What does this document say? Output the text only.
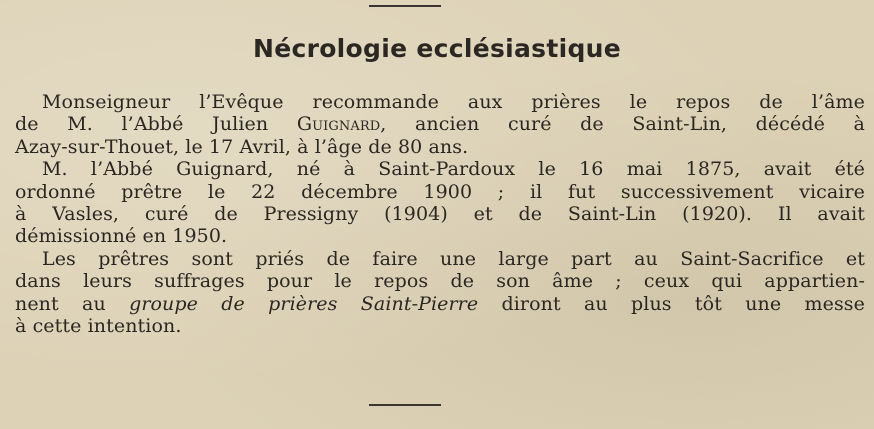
Nécrologie ecclésiastique
Monseigneur l’Evêque recommande aux prières le repos de l’âme
de M. l’Abbé Julien Guignard, ancien curé de Saint-Lin, décédé à
Azay-sur-Thouet, le 17 Avril, à l’âge de 80 ans.
M. l’Abbé Guignard, né à Saint-Pardoux le 16 mai 1875, avait été
ordonné prêtre le 22 décembre 1900 ; il fut successivement vicaire
à Vasles, curé de Pressigny (1904) et de Saint-Lin (1920). Il avait
démissionné en 1950.
Les prêtres sont priés de faire une large part au Saint-Sacrifice et
dans leurs suffrages pour le repos de son âme ; ceux qui appartien-
nent au groupe de prières Saint-Pierre diront au plus tôt une messe
à cette intention.
